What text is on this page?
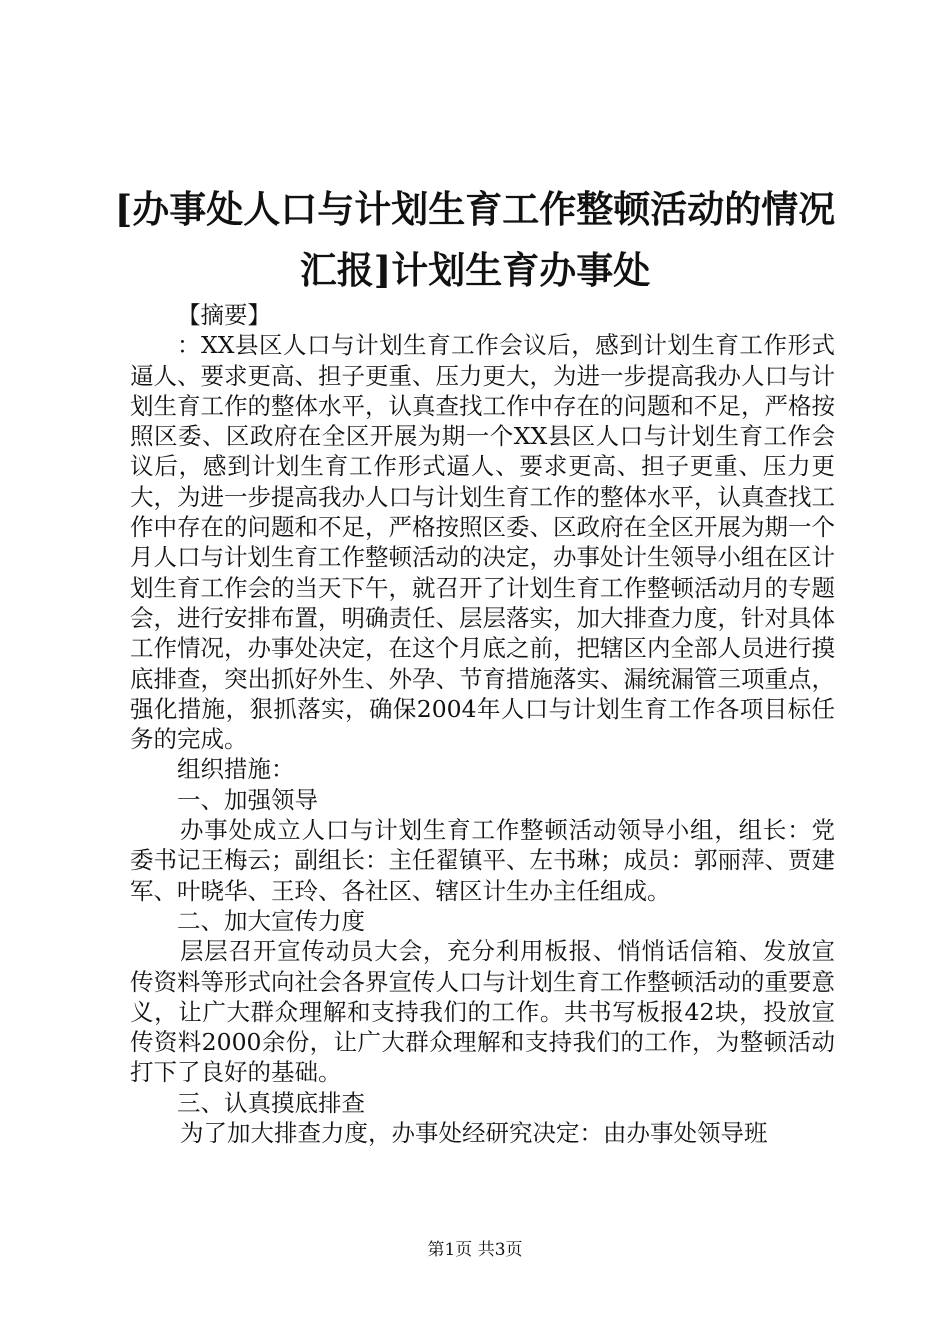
[办事处人口与计划生育工作整顿活动的情况
汇报]计划生育办事处

【摘要】

：XX县区人口与计划生育工作会议后，感到计划生育工作形式逼人、要求更高、担子更重、压力更大，为进一步提高我办人口与计划生育工作的整体水平，认真查找工作中存在的问题和不足，严格按照区委、区政府在全区开展为期一个XX县区人口与计划生育工作会议后，感到计划生育工作形式逼人、要求更高、担子更重、压力更大，为进一步提高我办人口与计划生育工作的整体水平，认真查找工作中存在的问题和不足，严格按照区委、区政府在全区开展为期一个月人口与计划生育工作整顿活动的决定，办事处计生领导小组在区计划生育工作会的当天下午，就召开了计划生育工作整顿活动月的专题会，进行安排布置，明确责任、层层落实，加大排查力度，针对具体工作情况，办事处决定，在这个月底之前，把辖区内全部人员进行摸底排查，突出抓好外生、外孕、节育措施落实、漏统漏管三项重点，强化措施，狠抓落实，确保2004年人口与计划生育工作各项目标任务的完成。

组织措施：

一、加强领导

办事处成立人口与计划生育工作整顿活动领导小组，组长：党委书记王梅云；副组长：主任翟镇平、左书琳；成员：郭丽萍、贾建军、叶晓华、王玲、各社区、辖区计生办主任组成。

二、加大宣传力度

层层召开宣传动员大会，充分利用板报、悄悄话信箱、发放宣传资料等形式向社会各界宣传人口与计划生育工作整顿活动的重要意义，让广大群众理解和支持我们的工作。共书写板报42块，投放宣传资料2000余份，让广大群众理解和支持我们的工作，为整顿活动打下了良好的基础。

三、认真摸底排查

为了加大排查力度，办事处经研究决定：由办事处领导班

第1页 共3页
